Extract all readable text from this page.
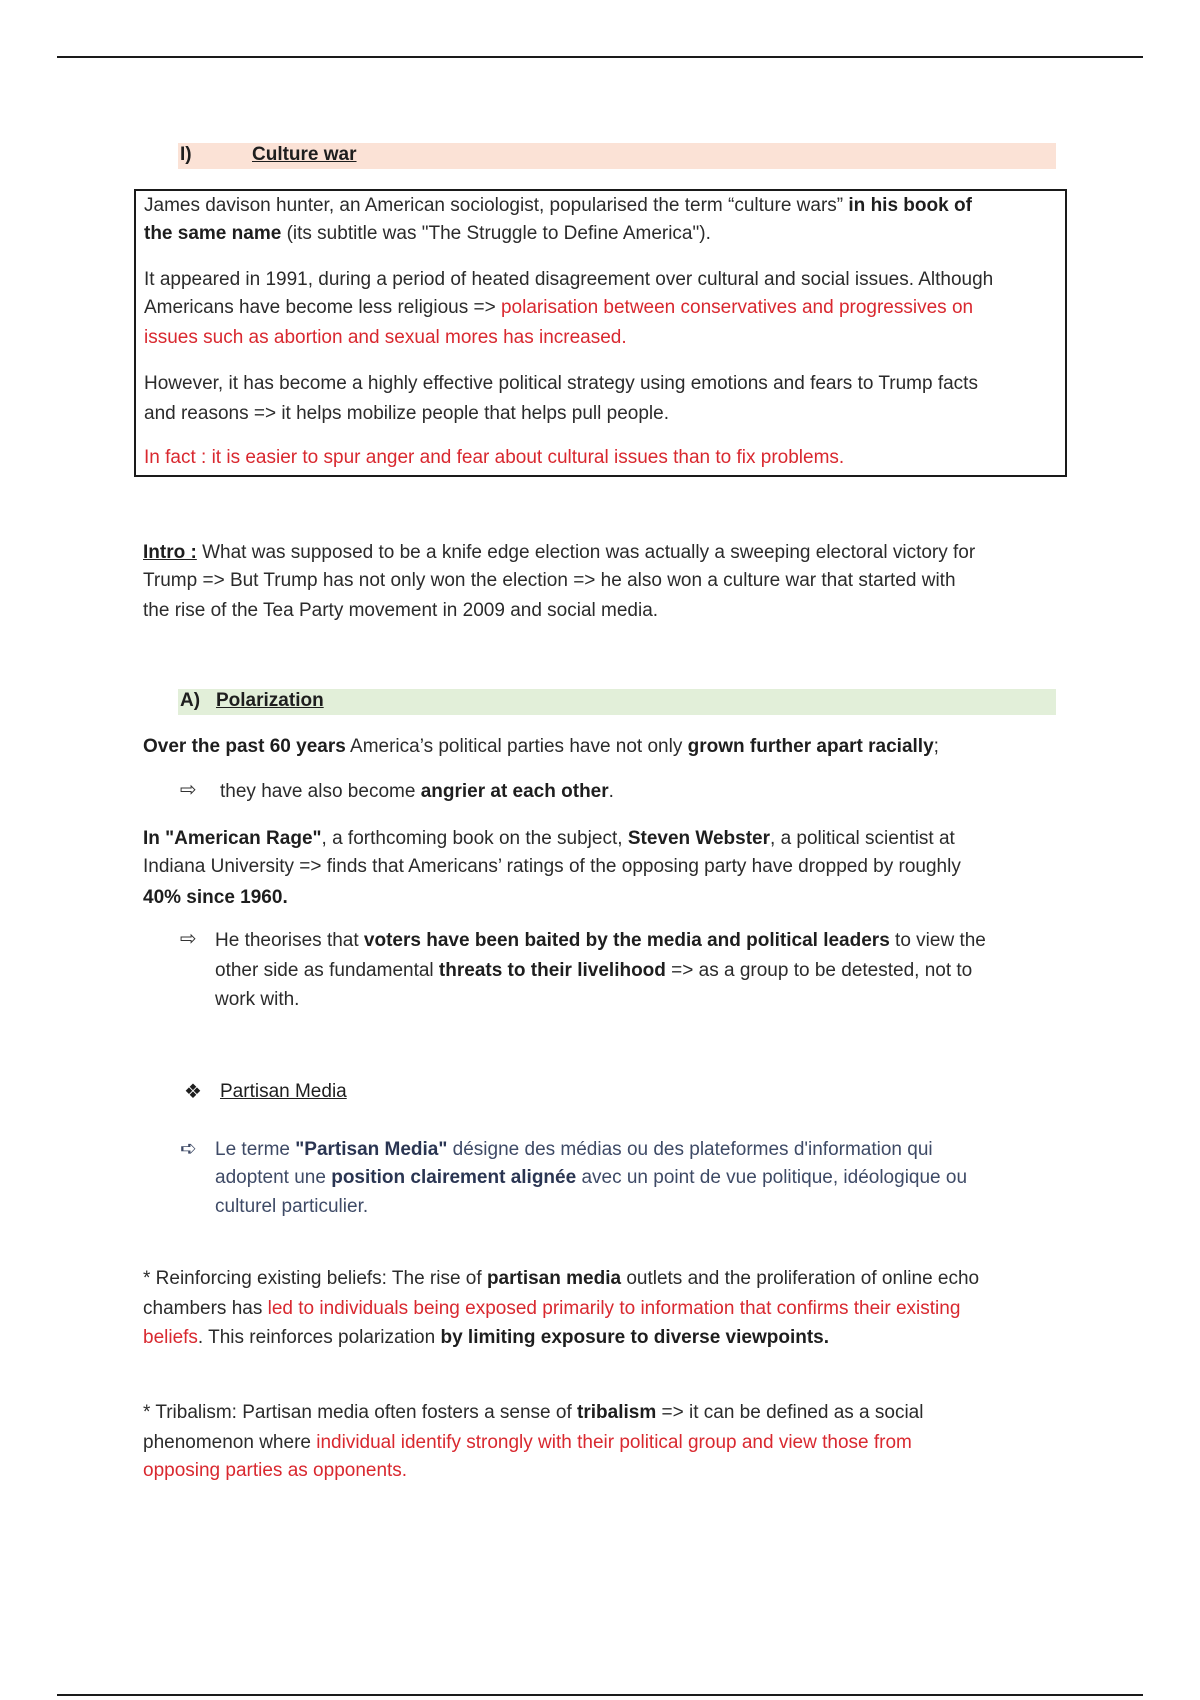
I)	Culture war
James davison hunter, an American sociologist, popularised the term “culture wars” in his book of
the same name (its subtitle was "The Struggle to Define America").
It appeared in 1991, during a period of heated disagreement over cultural and social issues. Although
Americans have become less religious => polarisation between conservatives and progressives on
issues such as abortion and sexual mores has increased.
However, it has become a highly effective political strategy using emotions and fears to Trump facts
and reasons => it helps mobilize people that helps pull people.
In fact : it is easier to spur anger and fear about cultural issues than to fix problems.
Intro : What was supposed to be a knife edge election was actually a sweeping electoral victory for
Trump => But Trump has not only won the election => he also won a culture war that started with
the rise of the Tea Party movement in 2009 and social media.
A) Polarization
Over the past 60 years America’s political parties have not only grown further apart racially;
⇨ they have also become angrier at each other.
In "American Rage", a forthcoming book on the subject, Steven Webster, a political scientist at
Indiana University => finds that Americans’ ratings of the opposing party have dropped by roughly
40% since 1960.
⇨ He theorises that voters have been baited by the media and political leaders to view the
other side as fundamental threats to their livelihood => as a group to be detested, not to
work with.
❖ Partisan Media
➪ Le terme "Partisan Media" désigne des médias ou des plateformes d'information qui
adoptent une position clairement alignée avec un point de vue politique, idéologique ou
culturel particulier.
* Reinforcing existing beliefs: The rise of partisan media outlets and the proliferation of online echo
chambers has led to individuals being exposed primarily to information that confirms their existing
beliefs. This reinforces polarization by limiting exposure to diverse viewpoints.
* Tribalism: Partisan media often fosters a sense of tribalism => it can be defined as a social
phenomenon where individual identify strongly with their political group and view those from
opposing parties as opponents.
